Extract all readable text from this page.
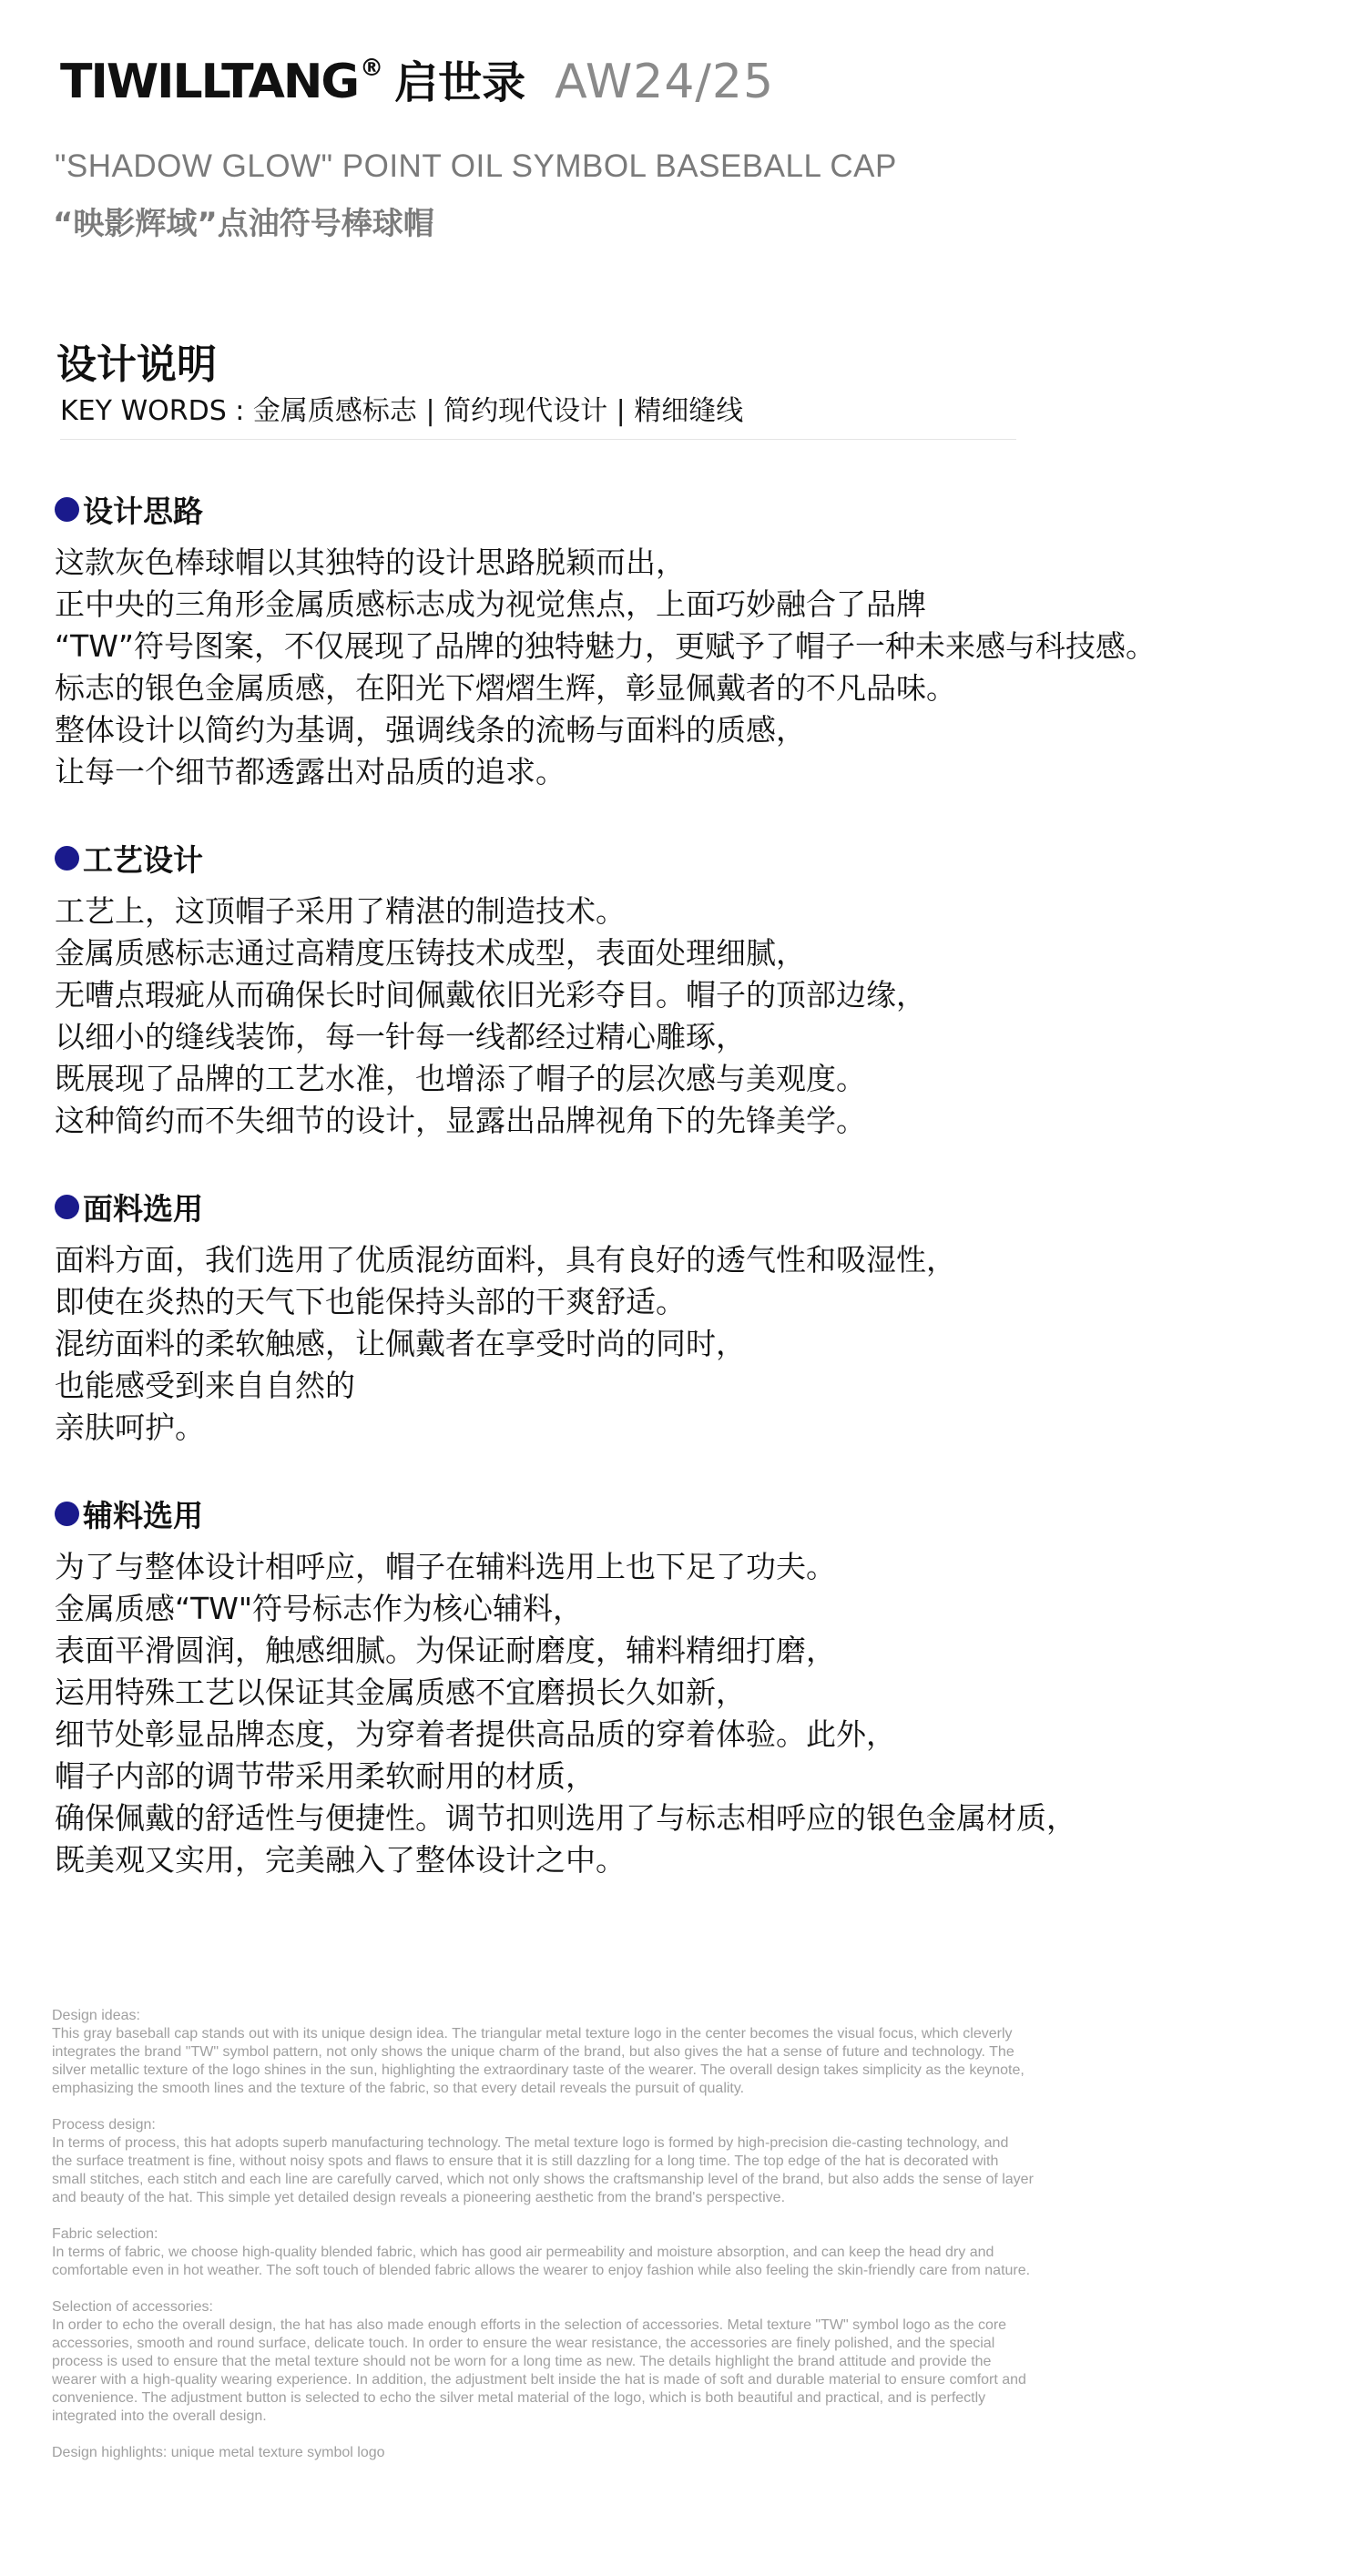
TIWILLTANG® 启世录 AW24/25
"SHADOW GLOW" POINT OIL SYMBOL BASEBALL CAP
“映影辉域”点油符号棒球帽
设计说明
KEY WORDS : 金属质感标志 | 简约现代设计 | 精细缝线
设计思路
这款灰色棒球帽以其独特的设计思路脱颖而出，
正中央的三角形金属质感标志成为视觉焦点，上面巧妙融合了品牌
“TW”符号图案，不仅展现了品牌的独特魅力，更赋予了帽子一种未来感与科技感。
标志的银色金属质感，在阳光下熠熠生辉，彰显佩戴者的不凡品味。
整体设计以简约为基调，强调线条的流畅与面料的质感，
让每一个细节都透露出对品质的追求。
工艺设计
工艺上，这顶帽子采用了精湛的制造技术。
金属质感标志通过高精度压铸技术成型，表面处理细腻，
无嘈点瑕疵从而确保长时间佩戴依旧光彩夺目。帽子的顶部边缘，
以细小的缝线装饰，每一针每一线都经过精心雕琢，
既展现了品牌的工艺水准，也增添了帽子的层次感与美观度。
这种简约而不失细节的设计，显露出品牌视角下的先锋美学。
面料选用
面料方面，我们选用了优质混纺面料，具有良好的透气性和吸湿性，
即使在炎热的天气下也能保持头部的干爽舒适。
混纺面料的柔软触感，让佩戴者在享受时尚的同时，
也能感受到来自自然的
亲肤呵护。
辅料选用
为了与整体设计相呼应，帽子在辅料选用上也下足了功夫。
金属质感“TW"符号标志作为核心辅料，
表面平滑圆润，触感细腻。为保证耐磨度，辅料精细打磨，
运用特殊工艺以保证其金属质感不宜磨损长久如新，
细节处彰显品牌态度，为穿着者提供高品质的穿着体验。此外，
帽子内部的调节带采用柔软耐用的材质，
确保佩戴的舒适性与便捷性。调节扣则选用了与标志相呼应的银色金属材质，
既美观又实用，完美融入了整体设计之中。
Design ideas:
This gray baseball cap stands out with its unique design idea. The triangular metal texture logo in the center becomes the visual focus, which cleverly
integrates the brand "TW" symbol pattern, not only shows the unique charm of the brand, but also gives the hat a sense of future and technology. The
silver metallic texture of the logo shines in the sun, highlighting the extraordinary taste of the wearer. The overall design takes simplicity as the keynote,
emphasizing the smooth lines and the texture of the fabric, so that every detail reveals the pursuit of quality.
Process design:
In terms of process, this hat adopts superb manufacturing technology. The metal texture logo is formed by high-precision die-casting technology, and
the surface treatment is fine, without noisy spots and flaws to ensure that it is still dazzling for a long time. The top edge of the hat is decorated with
small stitches, each stitch and each line are carefully carved, which not only shows the craftsmanship level of the brand, but also adds the sense of layer
and beauty of the hat. This simple yet detailed design reveals a pioneering aesthetic from the brand's perspective.
Fabric selection:
In terms of fabric, we choose high-quality blended fabric, which has good air permeability and moisture absorption, and can keep the head dry and
comfortable even in hot weather. The soft touch of blended fabric allows the wearer to enjoy fashion while also feeling the skin-friendly care from nature.
Selection of accessories:
In order to echo the overall design, the hat has also made enough efforts in the selection of accessories. Metal texture "TW" symbol logo as the core
accessories, smooth and round surface, delicate touch. In order to ensure the wear resistance, the accessories are finely polished, and the special
process is used to ensure that the metal texture should not be worn for a long time as new. The details highlight the brand attitude and provide the
wearer with a high-quality wearing experience. In addition, the adjustment belt inside the hat is made of soft and durable material to ensure comfort and
convenience. The adjustment button is selected to echo the silver metal material of the logo, which is both beautiful and practical, and is perfectly
integrated into the overall design.
Design highlights: unique metal texture symbol logo
